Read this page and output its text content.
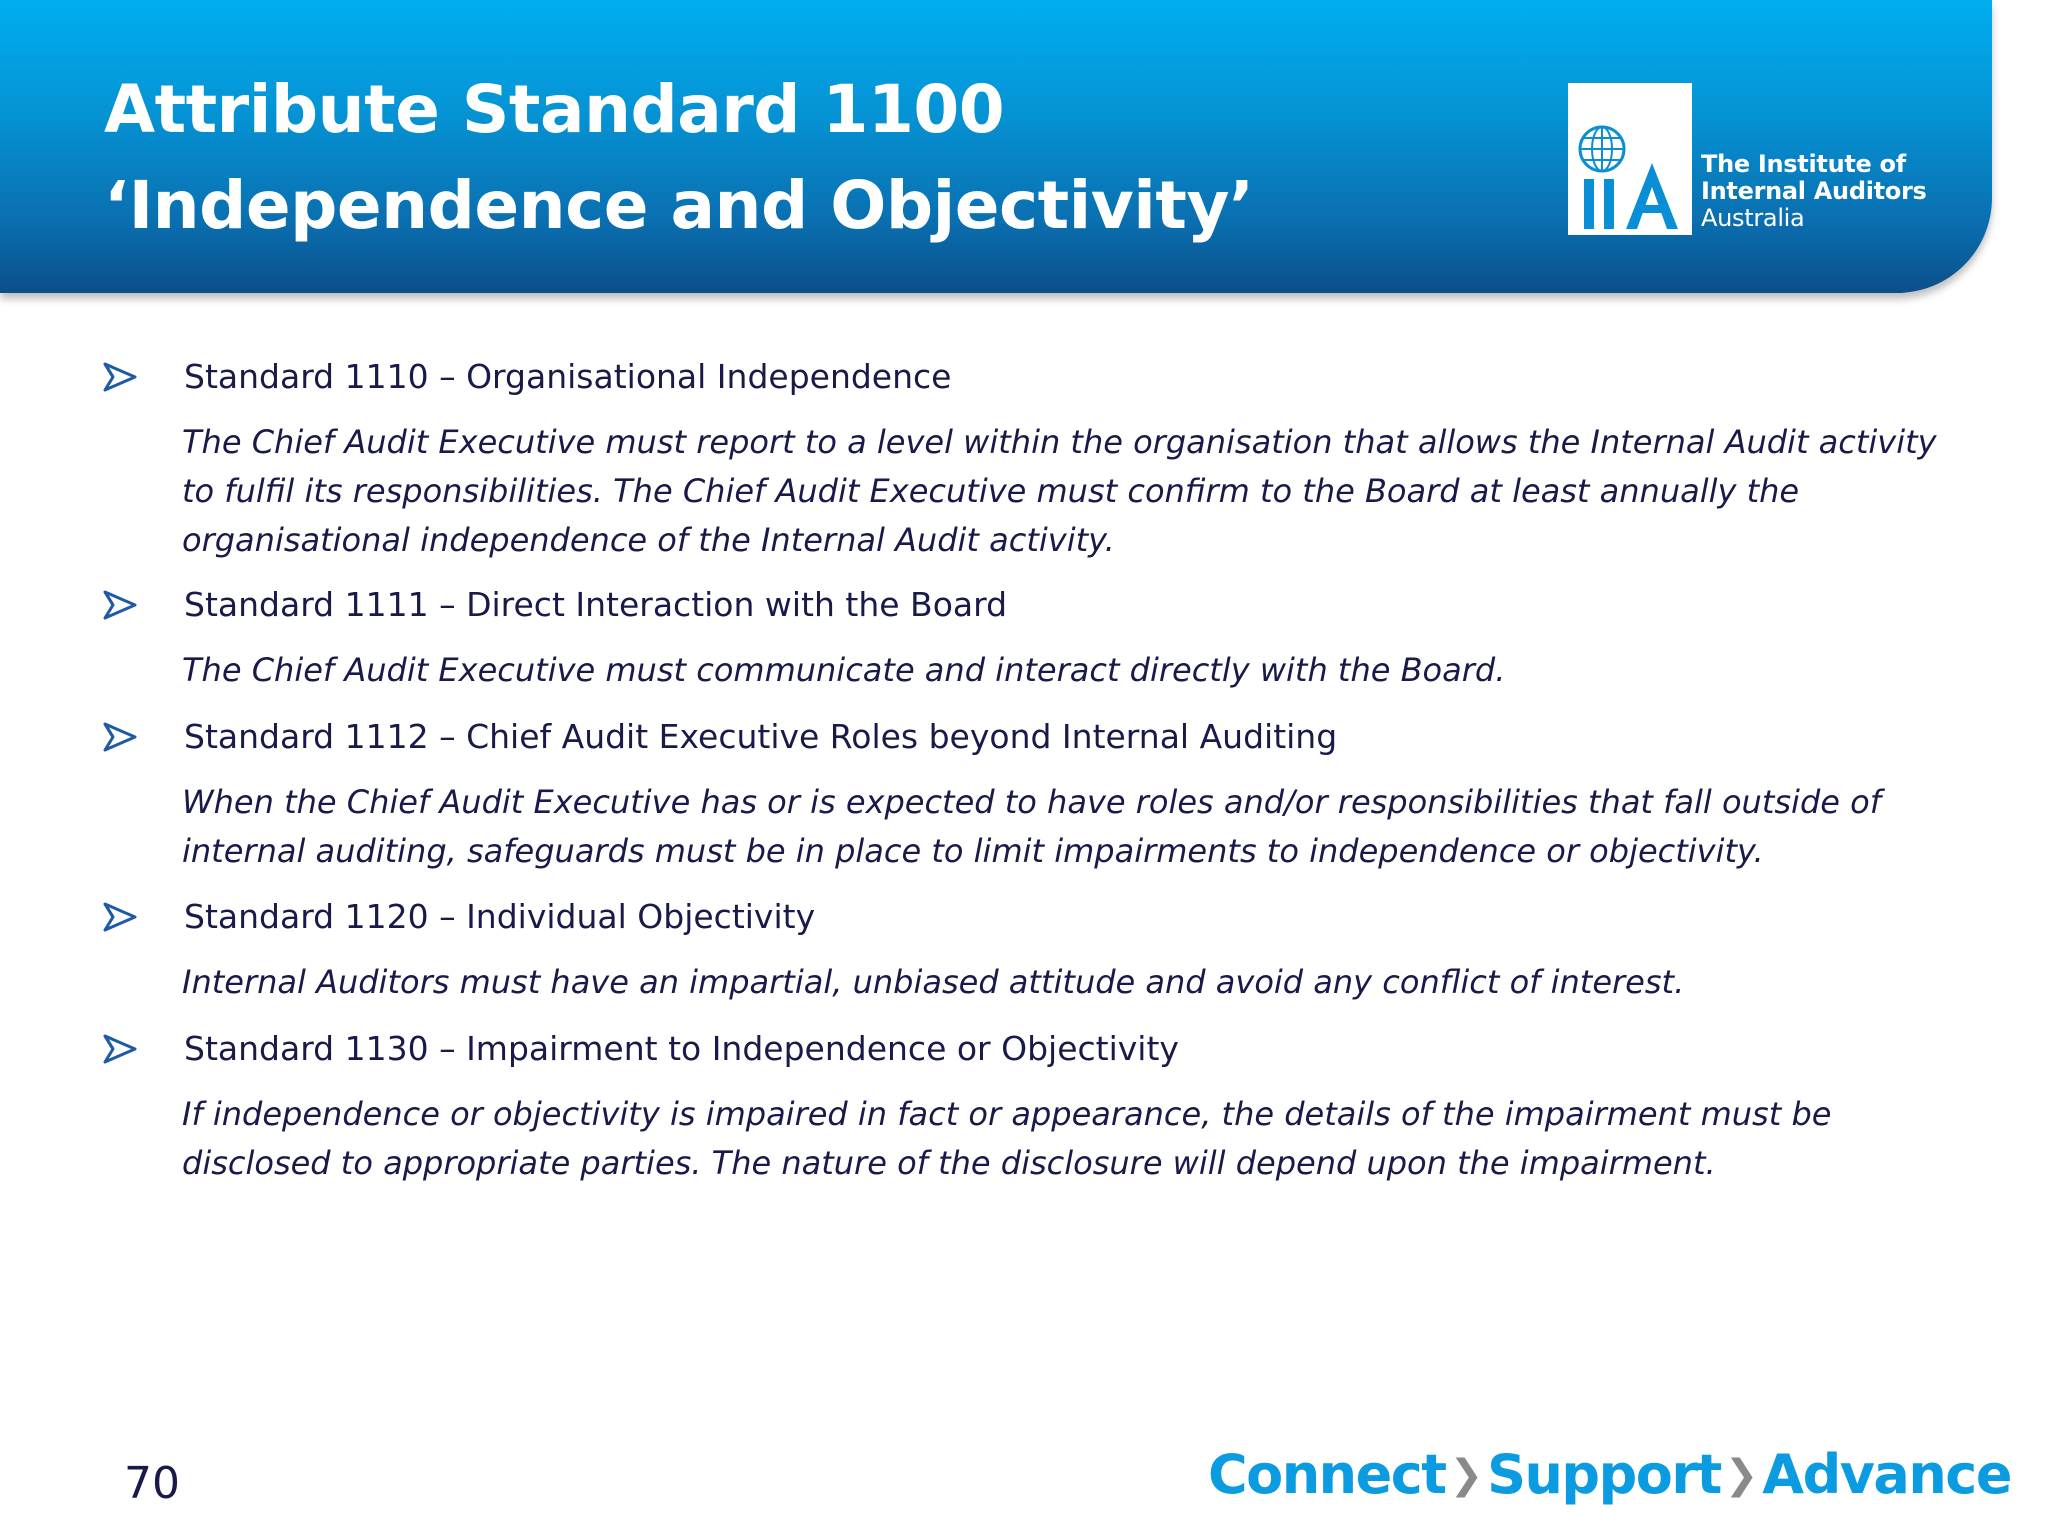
Attribute Standard 1100
‘Independence and Objectivity’
The Institute of
Internal Auditors
Australia
Standard 1110 – Organisational Independence
The Chief Audit Executive must report to a level within the organisation that allows the Internal Audit activity
to fulfil its responsibilities. The Chief Audit Executive must confirm to the Board at least annually the
organisational independence of the Internal Audit activity.
Standard 1111 – Direct Interaction with the Board
The Chief Audit Executive must communicate and interact directly with the Board.
Standard 1112 – Chief Audit Executive Roles beyond Internal Auditing
When the Chief Audit Executive has or is expected to have roles and/or responsibilities that fall outside of
internal auditing, safeguards must be in place to limit impairments to independence or objectivity.
Standard 1120 – Individual Objectivity
Internal Auditors must have an impartial, unbiased attitude and avoid any conflict of interest.
Standard 1130 – Impairment to Independence or Objectivity
If independence or objectivity is impaired in fact or appearance, the details of the impairment must be
disclosed to appropriate parties. The nature of the disclosure will depend upon the impairment.
70	Connect ❯ Support ❯ Advance
